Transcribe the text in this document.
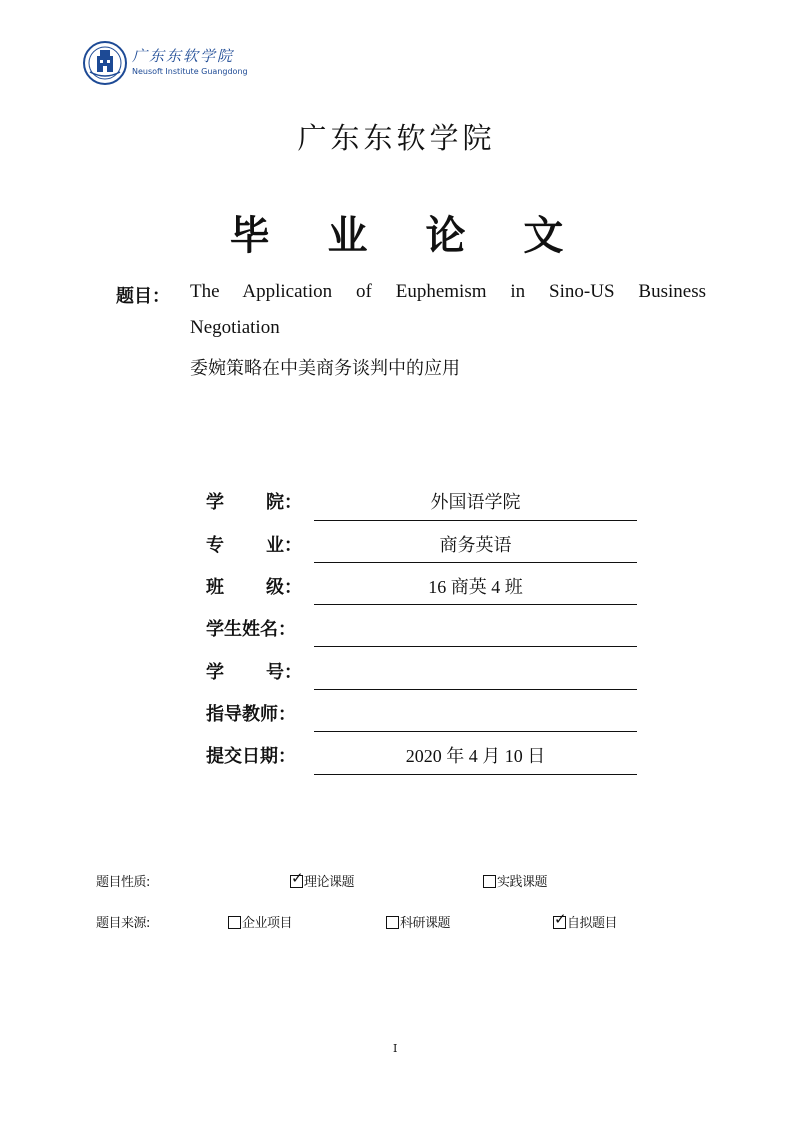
广东东软学院
Neusoft Institute Guangdong
广东东软学院
毕 业 论 文
题目： The Application of Euphemism in Sino-US Business
Negotiation
委婉策略在中美商务谈判中的应用
学 院：	外国语学院
专 业：	商务英语
班 级：	16 商英 4 班
学生姓名：
学 号：
指导教师：
提交日期：	2020 年 4 月 10 日
题目性质:	✓ 理论课题	实践课题
题目来源:	企业项目	科研课题	✓ 自拟题目
I
